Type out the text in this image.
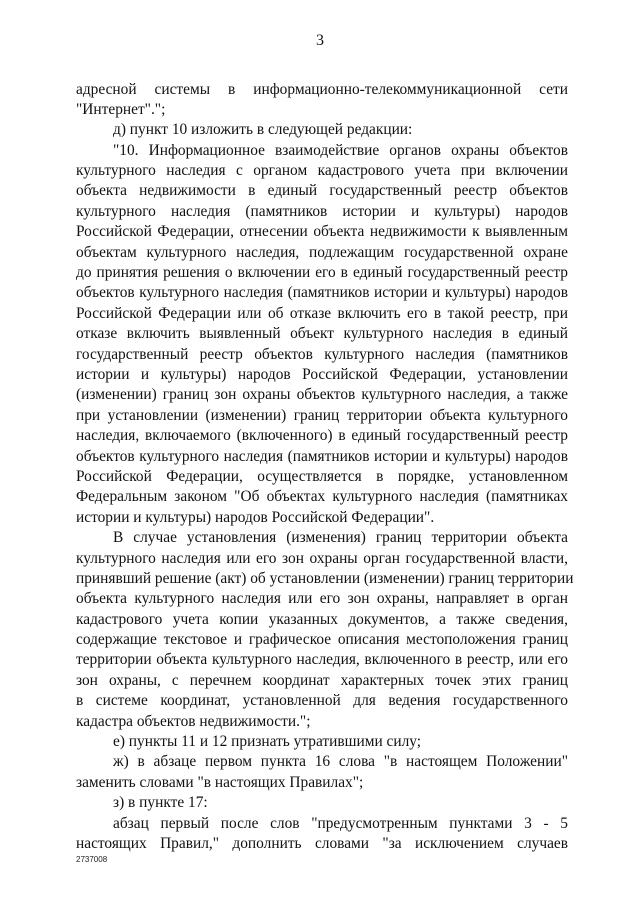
3
адресной системы в информационно-телекоммуникационной сети
"Интернет".";
д) пункт 10 изложить в следующей редакции:
"10. Информационное взаимодействие органов охраны объектов
культурного наследия с органом кадастрового учета при включении
объекта недвижимости в единый государственный реестр объектов
культурного наследия (памятников истории и культуры) народов
Российской Федерации, отнесении объекта недвижимости к выявленным
объектам культурного наследия, подлежащим государственной охране
до принятия решения о включении его в единый государственный реестр
объектов культурного наследия (памятников истории и культуры) народов
Российской Федерации или об отказе включить его в такой реестр, при
отказе включить выявленный объект культурного наследия в единый
государственный реестр объектов культурного наследия (памятников
истории и культуры) народов Российской Федерации, установлении
(изменении) границ зон охраны объектов культурного наследия, а также
при установлении (изменении) границ территории объекта культурного
наследия, включаемого (включенного) в единый государственный реестр
объектов культурного наследия (памятников истории и культуры) народов
Российской Федерации, осуществляется в порядке, установленном
Федеральным законом "Об объектах культурного наследия (памятниках
истории и культуры) народов Российской Федерации".
В случае установления (изменения) границ территории объекта
культурного наследия или его зон охраны орган государственной власти,
принявший решение (акт) об установлении (изменении) границ территории
объекта культурного наследия или его зон охраны, направляет в орган
кадастрового учета копии указанных документов, а также сведения,
содержащие текстовое и графическое описания местоположения границ
территории объекта культурного наследия, включенного в реестр, или его
зон охраны, с перечнем координат характерных точек этих границ
в системе координат, установленной для ведения государственного
кадастра объектов недвижимости.";
е) пункты 11 и 12 признать утратившими силу;
ж) в абзаце первом пункта 16 слова "в настоящем Положении"
заменить словами "в настоящих Правилах";
з) в пункте 17:
абзац первый после слов "предусмотренным пунктами 3 - 5
настоящих Правил," дополнить словами "за исключением случаев
2737008
